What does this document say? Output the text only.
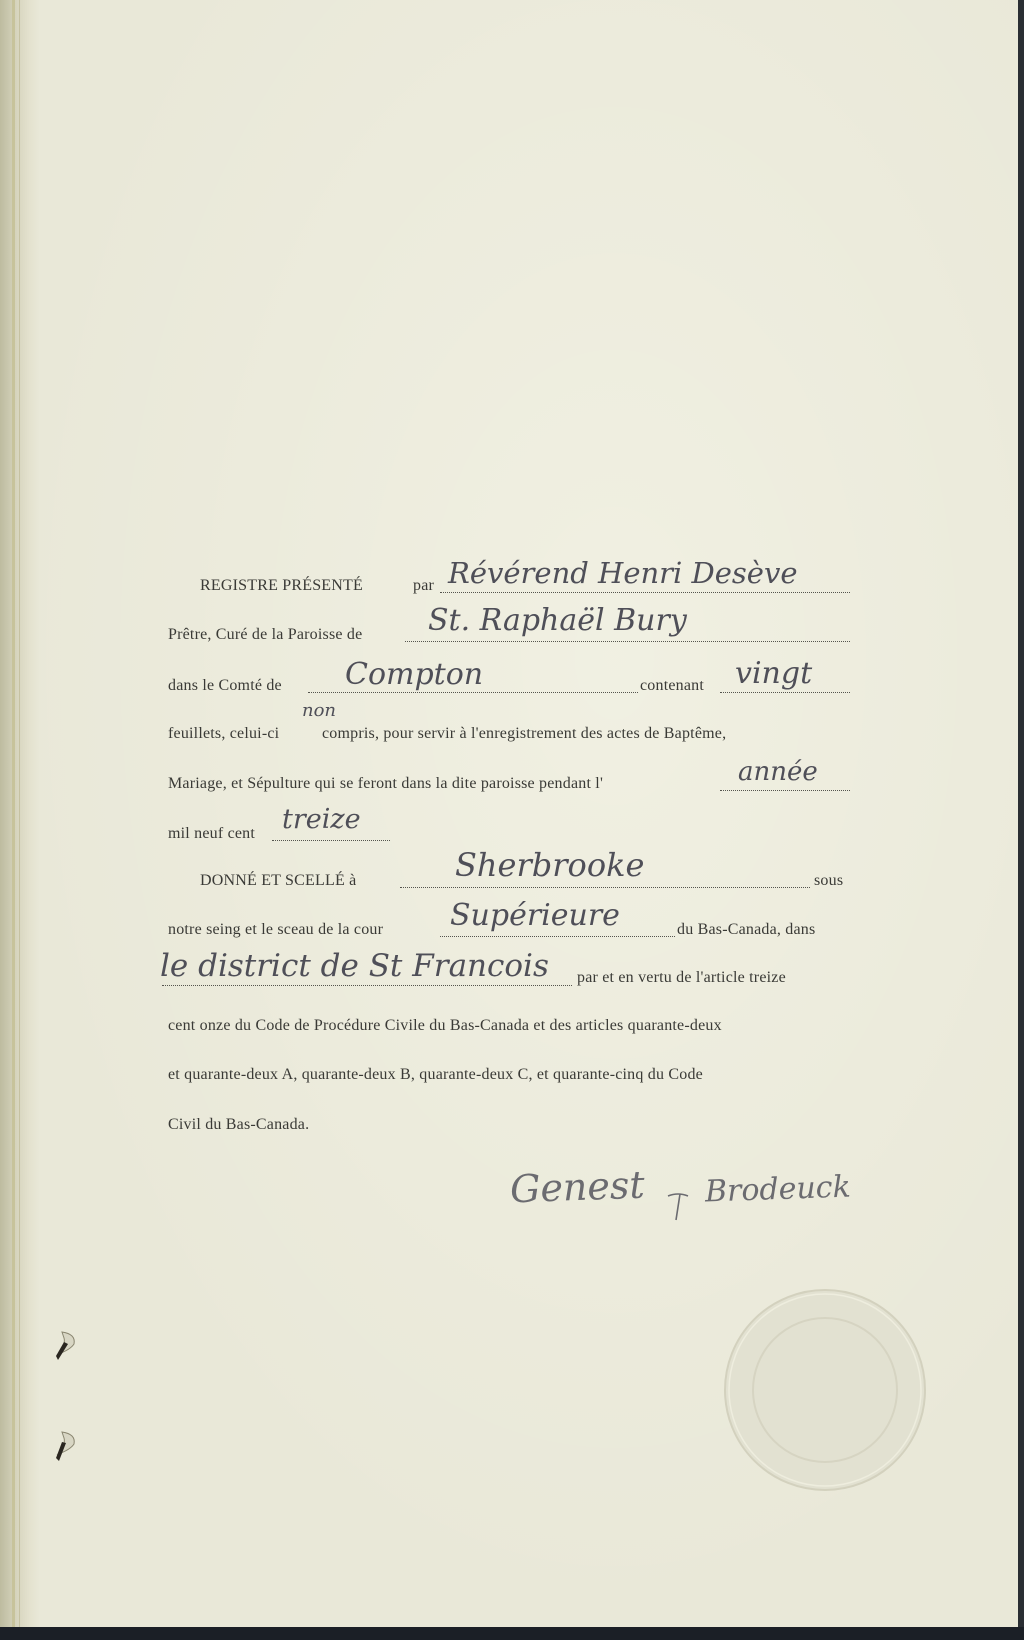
REGISTRE PRÉSENTÉ	par Révérend Henri Desève
Prêtre, Curé de la Paroisse de St. Raphaël Bury
dans le Comté de Compton	contenant vingt
feuillets, celui-ci
non
compris, pour servir à l'enregistrement des actes de Baptême,
Mariage, et Sépulture qui se feront dans la dite paroisse pendant l'	année
mil neuf cent treize
DONNÉ ET SCELLÉ à	Sherbrooke	sous
notre seing et le sceau de la cour Supérieure	du Bas-Canada, dans
le district de St Francois par et en vertu de l'article treize
cent onze du Code de Procédure Civile du Bas-Canada et des articles quarante-deux
et quarante-deux A, quarante-deux B, quarante-deux C, et quarante-cinq du Code
Civil du Bas-Canada.
Genest Brodeuck
